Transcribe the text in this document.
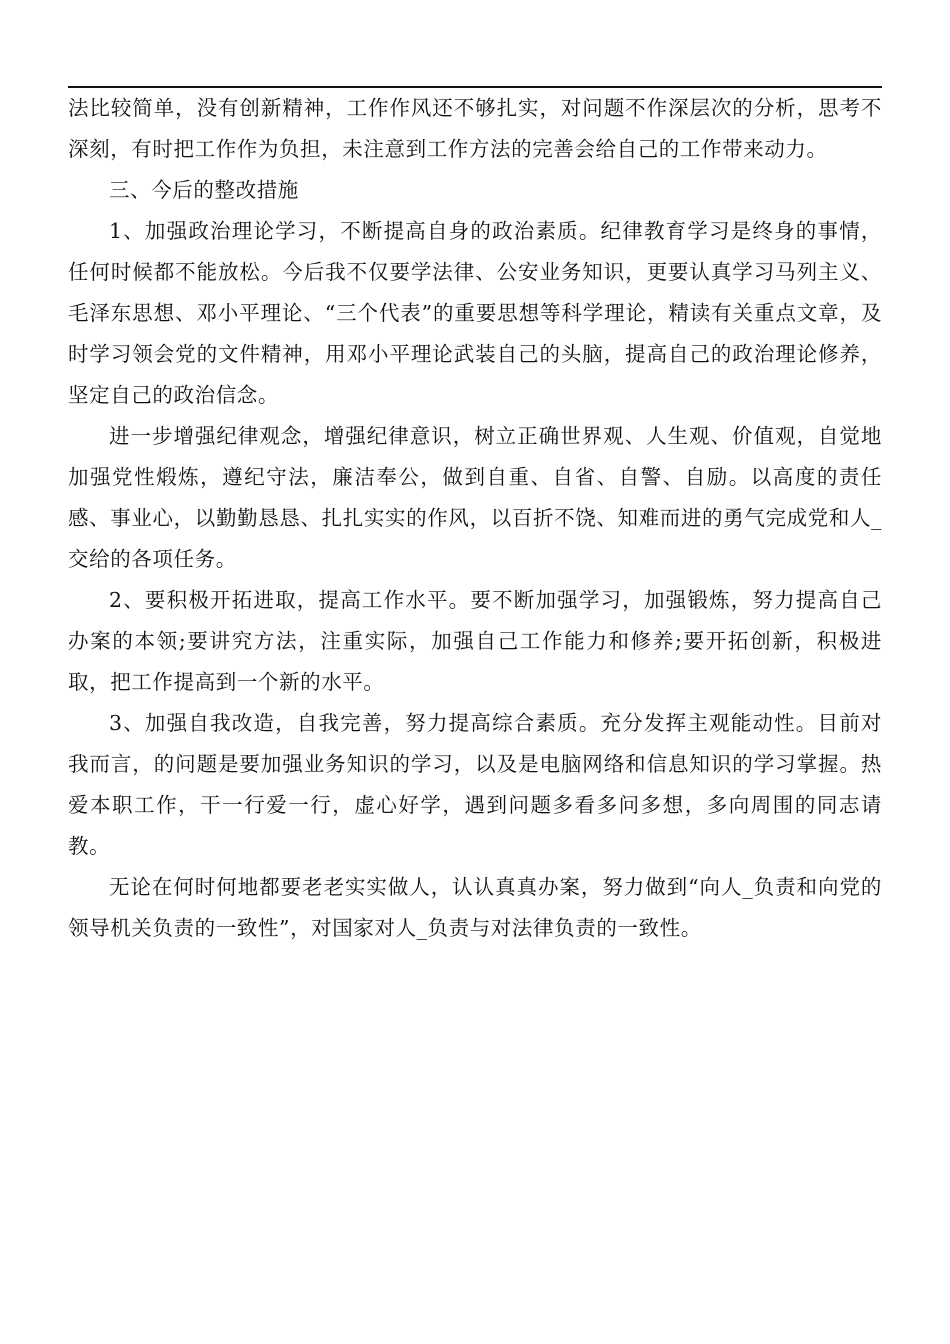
法比较简单，没有创新精神，工作作风还不够扎实，对问题不作深层次的分析，思考不深刻，有时把工作作为负担，未注意到工作方法的完善会给自己的工作带来动力。

三、今后的整改措施

1、加强政治理论学习，不断提高自身的政治素质。纪律教育学习是终身的事情，任何时候都不能放松。今后我不仅要学法律、公安业务知识，更要认真学习马列主义、毛泽东思想、邓小平理论、“三个代表”的重要思想等科学理论，精读有关重点文章，及时学习领会党的文件精神，用邓小平理论武装自己的头脑，提高自己的政治理论修养，坚定自己的政治信念。

进一步增强纪律观念，增强纪律意识，树立正确世界观、人生观、价值观，自觉地加强党性煅炼，遵纪守法，廉洁奉公，做到自重、自省、自警、自励。以高度的责任感、事业心，以勤勤恳恳、扎扎实实的作风，以百折不饶、知难而进的勇气完成党和人_交给的各项任务。

2、要积极开拓进取，提高工作水平。要不断加强学习，加强锻炼，努力提高自己办案的本领;要讲究方法，注重实际，加强自己工作能力和修养;要开拓创新，积极进取，把工作提高到一个新的水平。

3、加强自我改造，自我完善，努力提高综合素质。充分发挥主观能动性。目前对我而言，的问题是要加强业务知识的学习，以及是电脑网络和信息知识的学习掌握。热爱本职工作，干一行爱一行，虚心好学，遇到问题多看多问多想，多向周围的同志请教。

无论在何时何地都要老老实实做人，认认真真办案，努力做到“向人_负责和向党的领导机关负责的一致性”，对国家对人_负责与对法律负责的一致性。
